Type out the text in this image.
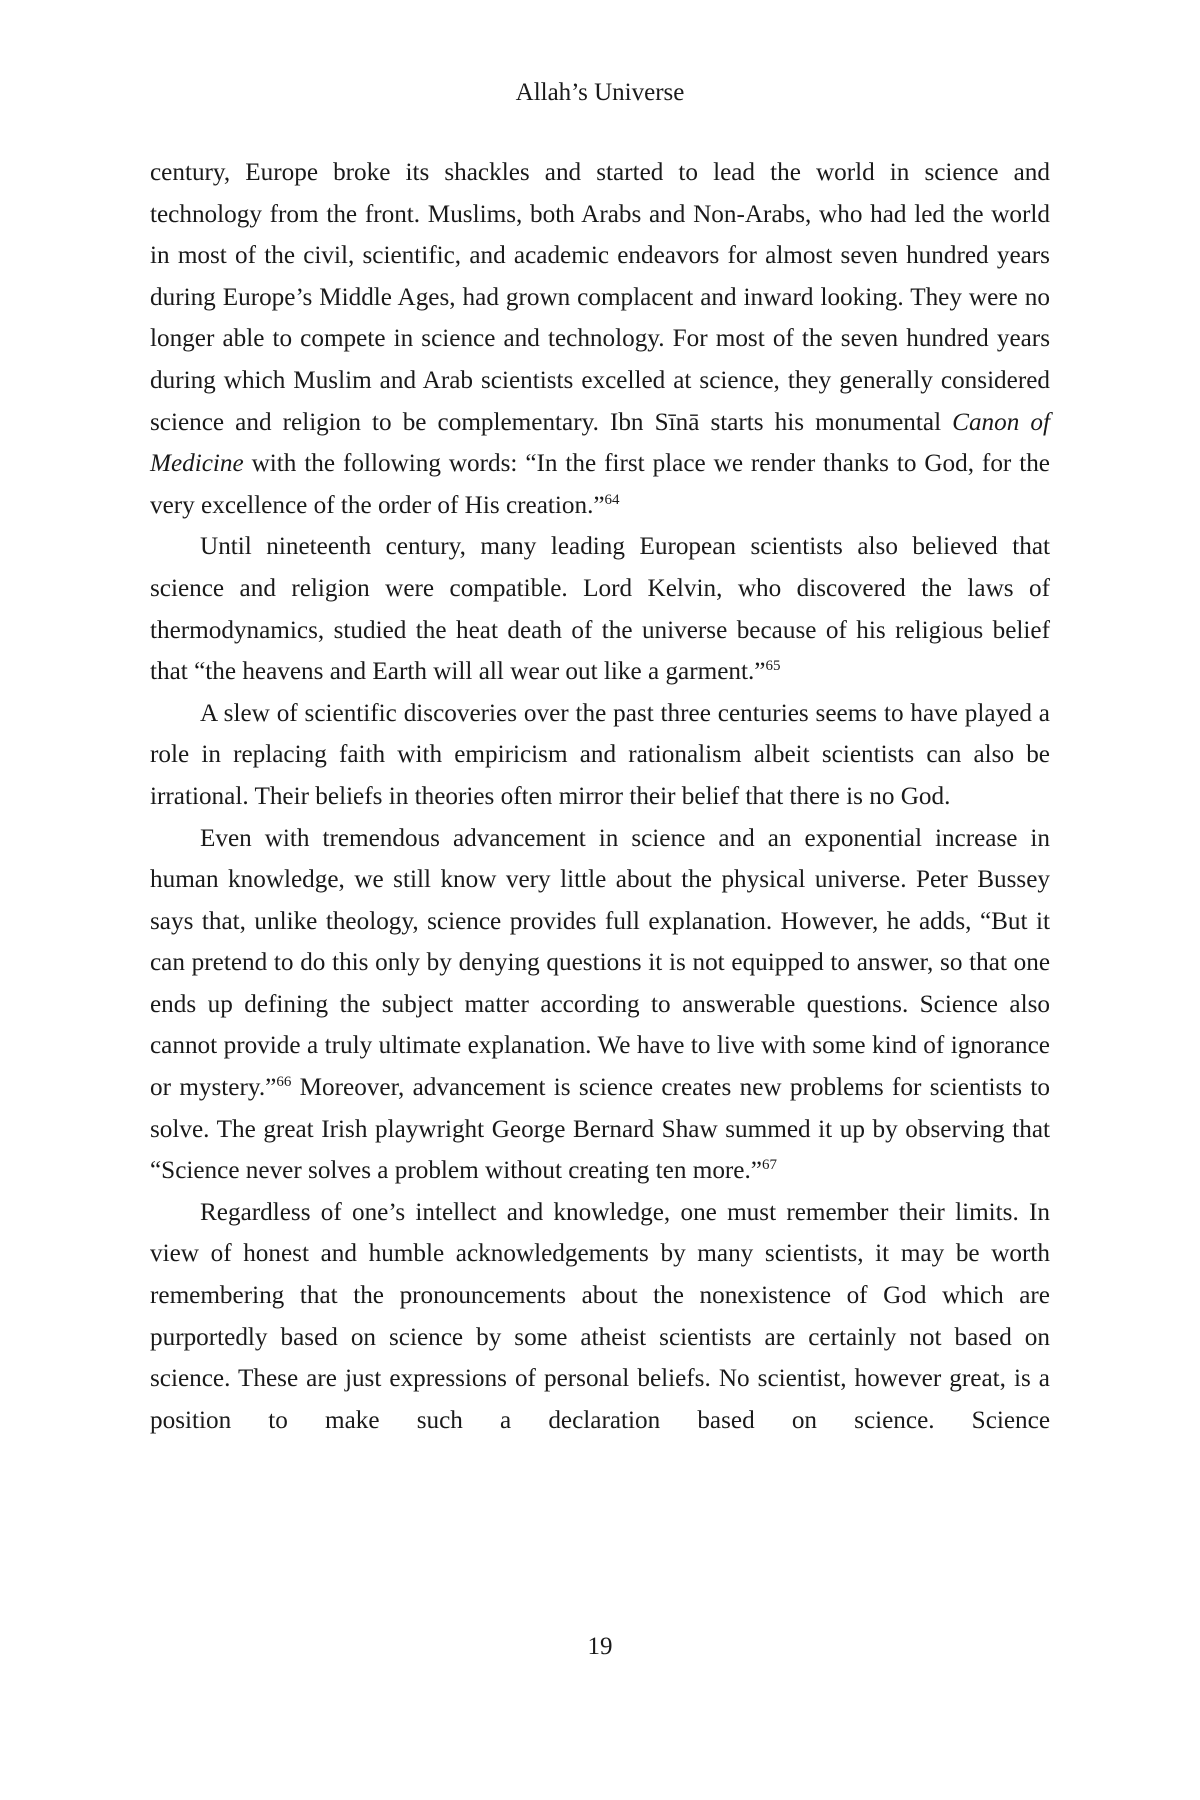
Allah’s Universe

century, Europe broke its shackles and started to lead the world in science and technology from the front. Muslims, both Arabs and Non-Arabs, who had led the world in most of the civil, scientific, and academic endeavors for almost seven hundred years during Europe’s Middle Ages, had grown complacent and inward looking. They were no longer able to compete in science and technology. For most of the seven hundred years during which Muslim and Arab scientists excelled at science, they generally considered science and religion to be complementary. Ibn Sīnā starts his monumental Canon of Medicine with the following words: “In the first place we render thanks to God, for the very excellence of the order of His creation.”$^{64}$

Until nineteenth century, many leading European scientists also believed that science and religion were compatible. Lord Kelvin, who discovered the laws of thermodynamics, studied the heat death of the universe because of his religious belief that “the heavens and Earth will all wear out like a garment.”$^{65}$

A slew of scientific discoveries over the past three centuries seems to have played a role in replacing faith with empiricism and rationalism albeit scientists can also be irrational. Their beliefs in theories often mirror their belief that there is no God.

Even with tremendous advancement in science and an exponential increase in human knowledge, we still know very little about the physical universe. Peter Bussey says that, unlike theology, science provides full explanation. However, he adds, “But it can pretend to do this only by denying questions it is not equipped to answer, so that one ends up defining the subject matter according to answerable questions. Science also cannot provide a truly ultimate explanation. We have to live with some kind of ignorance or mystery.”$^{66}$ Moreover, advancement is science creates new problems for scientists to solve. The great Irish playwright George Bernard Shaw summed it up by observing that “Science never solves a problem without creating ten more.”$^{67}$

Regardless of one’s intellect and knowledge, one must remember their limits. In view of honest and humble acknowledgements by many scientists, it may be worth remembering that the pronouncements about the nonexistence of God which are purportedly based on science by some atheist scientists are certainly not based on science. These are just expressions of personal beliefs. No scientist, however great, is a position to make such a declaration based on science. Science

19
